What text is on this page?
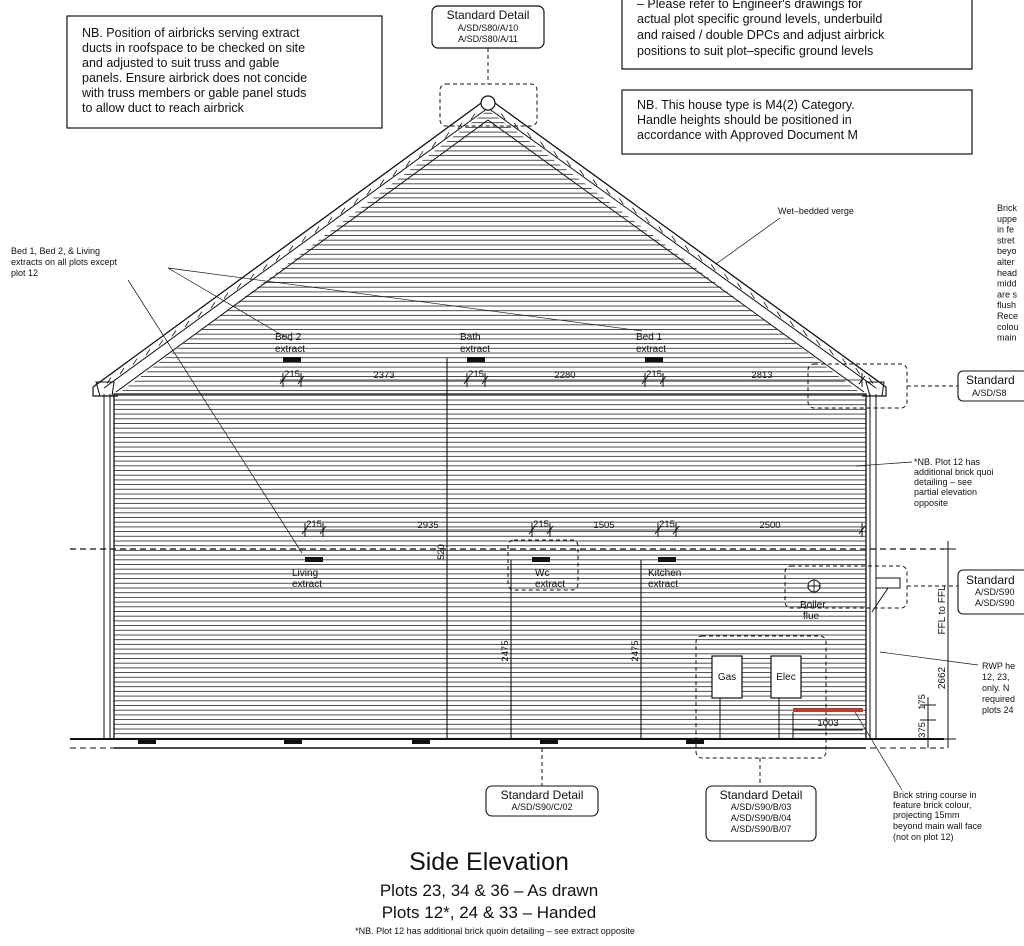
NB. Position of airbricks serving extract
ducts in roofspace to be checked on site
and adjusted to suit truss and gable
panels. Ensure airbrick does not concide
with truss members or gable panel studs
to allow duct to reach airbrick
– Please refer to Engineer's drawings for
actual plot specific ground levels, underbuild
and raised / double DPCs and adjust airbrick
positions to suit plot–specific ground levels
NB. This house type is M4(2) Category.
Handle heights should be positioned in
accordance with Approved Document M
Standard Detail
A/SD/S80/A/10
A/SD/S80/A/11
Bed 2
extract
Bath
extract
Bed 1
extract
Living
extract
Wc
extract
Kitchen
extract
Boiler
flue
Gas	Elec
1003
215	2373	215	2280	215	2813
215	2935	215	1505	215	2500
520
2475	2475
FFL to FFL
2662
375
175
Bed 1, Bed 2, & Living
extracts on all plots except
plot 12
Wet–bedded verge	Brick
uppe
in fe
stret
beyo
alter
head
midd
are s
flush
Rece
colou
main
*NB. Plot 12 has
additional brick quoi
detailing – see
partial elevation
opposite
RWP he
12, 23,
only. N
required
plots 24
Brick string course in
feature brick colour,
projecting 15mm
beyond main wall face
(not on plot 12)
Standard
A/SD/S8
Standard
A/SD/S90
A/SD/S90
Standard Detail
A/SD/S90/C/02
Standard Detail
A/SD/S90/B/03
A/SD/S90/B/04
A/SD/S90/B/07
Side Elevation
Plots 23, 34 & 36 – As drawn
Plots 12*, 24 & 33 – Handed
*NB. Plot 12 has additional brick quoin detailing – see extract opposite
